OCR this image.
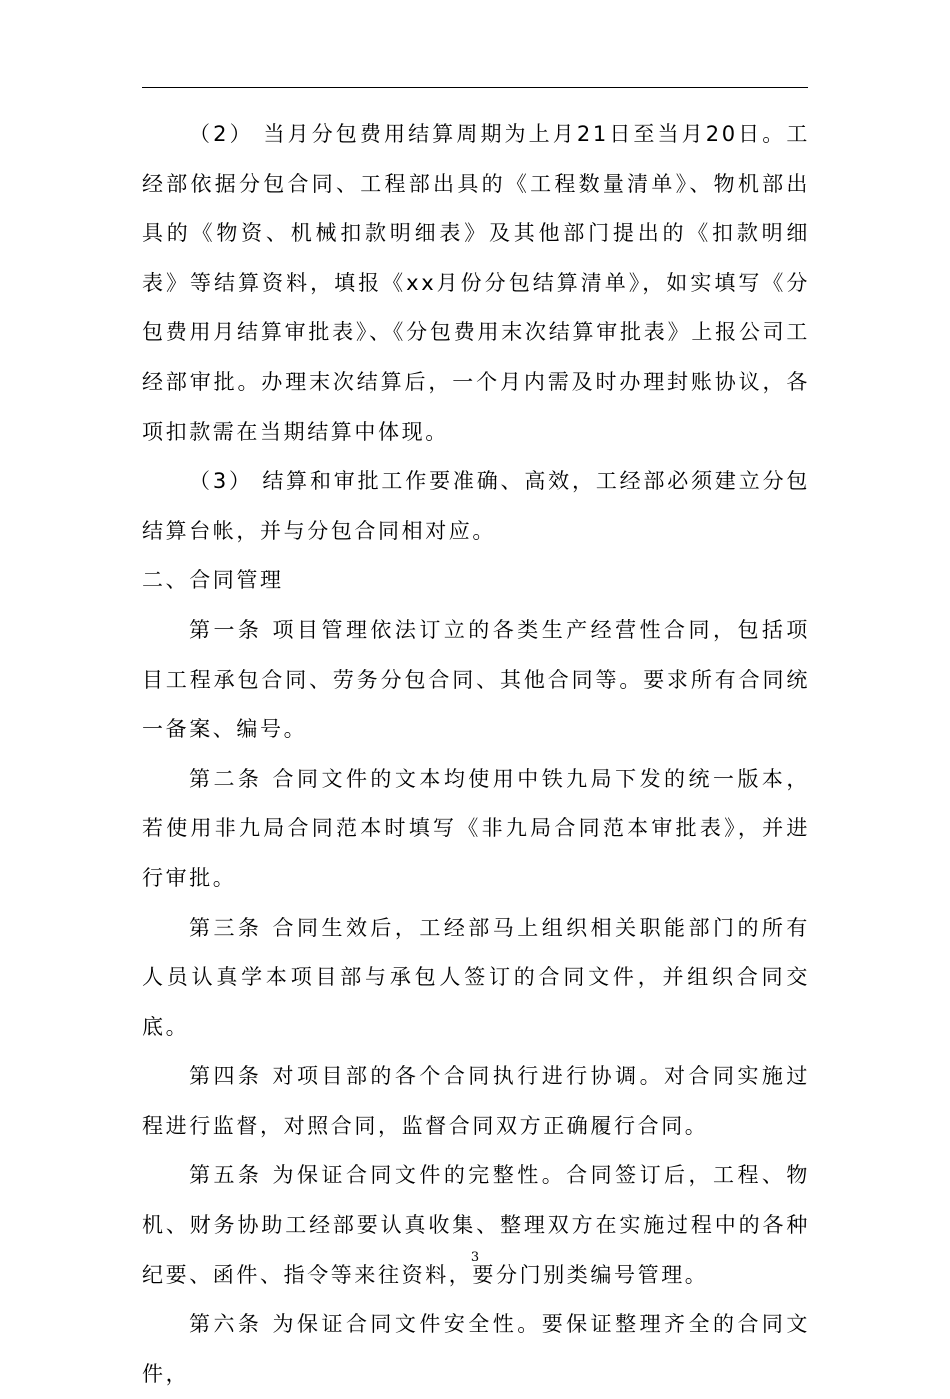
（2） 当月分包费用结算周期为上月21日至当月20日。工经部依据分包合同、工程部出具的《工程数量清单》、物机部出具的《物资、机械扣款明细表》及其他部门提出的《扣款明细表》等结算资料，填报《xx月份分包结算清单》，如实填写《分包费用月结算审批表》、《分包费用末次结算审批表》上报公司工经部审批。办理末次结算后，一个月内需及时办理封账协议，各项扣款需在当期结算中体现。

（3） 结算和审批工作要准确、高效，工经部必须建立分包结算台帐，并与分包合同相对应。

二、合同管理

第一条 项目管理依法订立的各类生产经营性合同，包括项目工程承包合同、劳务分包合同、其他合同等。要求所有合同统一备案、编号。

第二条 合同文件的文本均使用中铁九局下发的统一版本，若使用非九局合同范本时填写《非九局合同范本审批表》，并进行审批。

第三条 合同生效后，工经部马上组织相关职能部门的所有人员认真学本项目部与承包人签订的合同文件，并组织合同交底。

第四条 对项目部的各个合同执行进行协调。对合同实施过程进行监督，对照合同，监督合同双方正确履行合同。

第五条 为保证合同文件的完整性。合同签订后，工程、物机、财务协助工经部要认真收集、整理双方在实施过程中的各种纪要、函件、指令等来往资料，要分门别类编号管理。

第六条 为保证合同文件安全性。要保证整理齐全的合同文件，

3
